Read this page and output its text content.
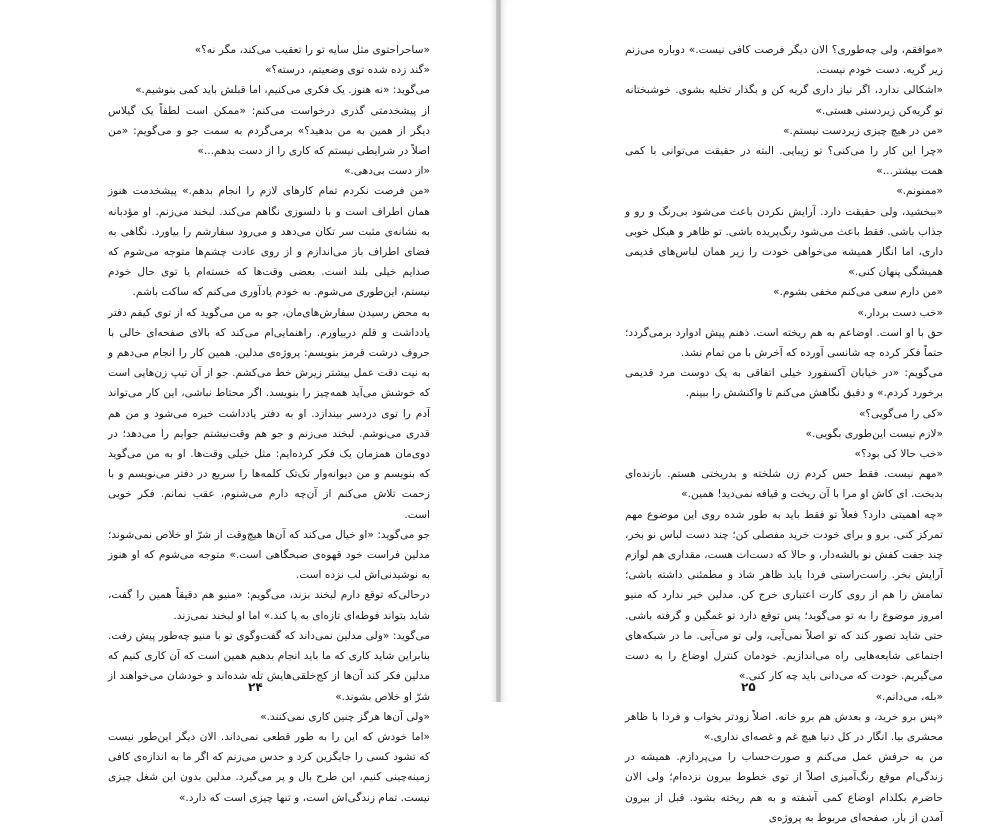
«ساحراحتوی مثل سایه تو را تعقیب می‌کند، مگر نه؟»

«گند زده شده توی وضعیتم، درسته؟»

می‌گوید: «نه هنوز. یک فکری می‌کنیم، اما قبلش باید کمی بنوشیم.»

از پیشخدمتی گذری درخواست می‌کنم: «ممکن است لطفاً یک گیلاس دیگر از همین به من بدهید؟» برمی‌گردم به سمت جو و می‌گویم: «من اصلاً در شرایطی نیستم که کاری را از دست بدهم...»

«از دست بی‌دهی.»

«من فرصت نکردم تمام کارهای لازم را انجام بدهم.» پیشخدمت هنوز همان اطراف است و با دلسوزی نگاهم می‌کند. لبخند می‌زنم. او مؤدبانه به نشانه‌ی مثبت سر تکان می‌دهد و می‌رود سفارشم را بیاورد. نگاهی به فضای اطراف باز می‌اندازم و از روی عادت چشم‌ها متوجه می‌شوم که صدایم خیلی بلند است. بعضی وقت‌ها که خسته‌ام یا توی حال خودم نیستم، این‌طوری می‌شوم. به خودم یادآوری می‌کنم که ساکت باشم.

به محض رسیدن سفارش‌های‌مان، جو به من می‌گوید که از توی کیفم دفتر یادداشت و قلم دربیاورم. راهنمایی‌ام می‌کند که بالای صفحه‌ای خالی با حروف درشت قرمز بنویسم: پروژه‌ی مدلین. همین کار را انجام می‌دهم و به نیت دقت عمل بیشتر زیرش خط می‌کشم. جو از آن تیپ زن‌هایی است که خوشش می‌آید همه‌چیز را بنویسد. اگر محتاط نباشی، این کار می‌تواند آدم را توی دردسر بیندازد. او به دفتر یادداشت خیره می‌شود و من هم قدری می‌نوشم. لبخند می‌زنم و جو هم وقت‌نیشتم جوابم را می‌دهد؛ در دوی‌مان همزمان یک فکر کرده‌ایم: مثل خیلی وقت‌ها. او به من می‌گوید که بنویسم و من دیوانه‌وار تک‌تک کلمه‌ها را سریع در دفتر می‌نویسم و با زحمت تلاش می‌کنم از آن‌چه دارم می‌شنوم، عقب نمانم. فکر خوبی است.

جو می‌گوید: «او خیال می‌کند که آن‌ها هیچ‌وقت از شرّ او خلاص نمی‌شوند؛ مدلین فراست خود قهوه‌ی صبحگاهی است.» متوجه می‌شوم که او هنوز به نوشیدنی‌اش لب نزده است.

درحالی‌که توقع دارم لبخند بزند، می‌گویم: «منیو هم دقیقاً همین را گفت، شاید بتواند فوطه‌ای تازه‌ای به پا کند.» اما او لبخند نمی‌زند.

می‌گوید: «ولی مدلین نمی‌داند که گفت‌وگوی تو با منیو چه‌طور پیش رفت. بنابراین شاید کاری که ما باید انجام بدهیم همین است که آن کاری کنیم که مدلین فکر کند آن‌ها از کج‌خلقی‌هایش تله شده‌اند و خودشان می‌خواهند از شرّ او خلاص بشوند.»

«ولی آن‌ها هرگز چنین کاری نمی‌کنند.»

«اما خودش که این را به طور قطعی نمی‌داند. الان دیگر این‌طور نیست که تشود کسی را جایگزین کرد و حدس می‌زنم که اگر ما به اندازه‌ی کافی زمینه‌چینی کنیم، این طرح بال و پر می‌گیرد. مدلین بدون این شغل چیزی نیست. تمام زندگی‌اش است، و تنها چیزی است که دارد.»

۲۴

«موافقم، ولی چه‌طوری؟ الان دیگر فرصت کافی نیست.» دوباره می‌زنم زیر گریه. دست خودم نیست.

«اشکالی ندارد، اگر نیاز داری گریه کن و بگذار تخلیه بشوی. خوشبختانه تو گریه‌کن زیردستی هستی.»

«من در هیچ چیزی زیردست نیستم.»

«چرا این کار را می‌کنی؟ تو زیبایی. البته در حقیقت می‌توانی با کمی همت بیشتر...»

«ممنونم.»

«ببخشید، ولی حقیقت دارد. آرایش نکردن باعث می‌شود بی‌رنگ و رو و جذاب باشی. فقط باعث می‌شود رنگ‌پریده باشی. تو ظاهر و هیکل خوبی داری، اما انگار همیشه می‌خواهی خودت را زیر همان لباس‌های قدیمی همیشگی پنهان کنی.»

«من دارم سعی می‌کنم مخفی بشوم.»

«خب دست بردار.»

حق با او است. اوضاعم به هم ریخته است. ذهنم پیش ادوارد برمی‌گردد؛ حتماً فکر کرده چه شانسی آورده که آخرش با من تمام نشد.

می‌گویم: «در خیابان آکسفورد خیلی اتفاقی به یک دوست مرد قدیمی برخورد کردم.» و دقیق نگاهش می‌کنم تا واکنشش را ببینم.

«کی را می‌گویی؟»

«لازم نیست این‌طوری بگویی.»

«خب حالا کی بود؟»

«مهم نیست. فقط حس کردم زن شلخته و بدریختی هستم. بازنده‌ای بدبخت. ای کاش او مرا با آن ریخت و قیافه نمی‌دید! همین.»

«چه اهمیتی دارد؟ فعلاً تو فقط باید به طور شده روی این موضوع مهم تمرکز کنی. برو و برای خودت خرید مفصلی کن؛ چند دست لباس نو بخر، چند جفت کفش نو بالشه‌دار، و حالا که دست‌ات هست، مقداری هم لوازم آرایش بخر. راست‌راستی فردا باید ظاهر شاد و مطمئنی داشته باشی؛ تمامش را هم از روی کارت اعتباری خرج کن. مدلین خیر ندارد که منیو امروز موضوع را به تو می‌گوید؛ پس توقع دارد تو غمگین و گرفته باشی. حتی شاید تصور کند که تو اصلاً نمی‌آیی، ولی تو می‌آیی. ما در شبکه‌های اجتماعی شایعه‌هایی راه می‌اندازیم. خودمان کنترل اوضاع را به دست می‌گیریم. خودت که می‌دانی باید چه کار کنی.»

«بله، می‌دانم.»

«پس برو خرید، و بعدش هم برو خانه. اصلاً زودتر بخواب و فردا با ظاهر محشری بیا. انگار در کل دنیا هیچ غم و غصه‌ای نداری.»

من به حرفش عمل می‌کنم و صورت‌حساب را می‌پردازم. همیشه در زندگی‌ام موقع رنگ‌آمیزی اصلاً از توی خطوط بیرون نزده‌ام؛ ولی الان حاضرم بکلدام اوضاع کمی آشفته و به هم ریخته بشود. قبل از بیرون آمدن از بار، صفحه‌ای مربوط به پروژه‌ی

۲۵
